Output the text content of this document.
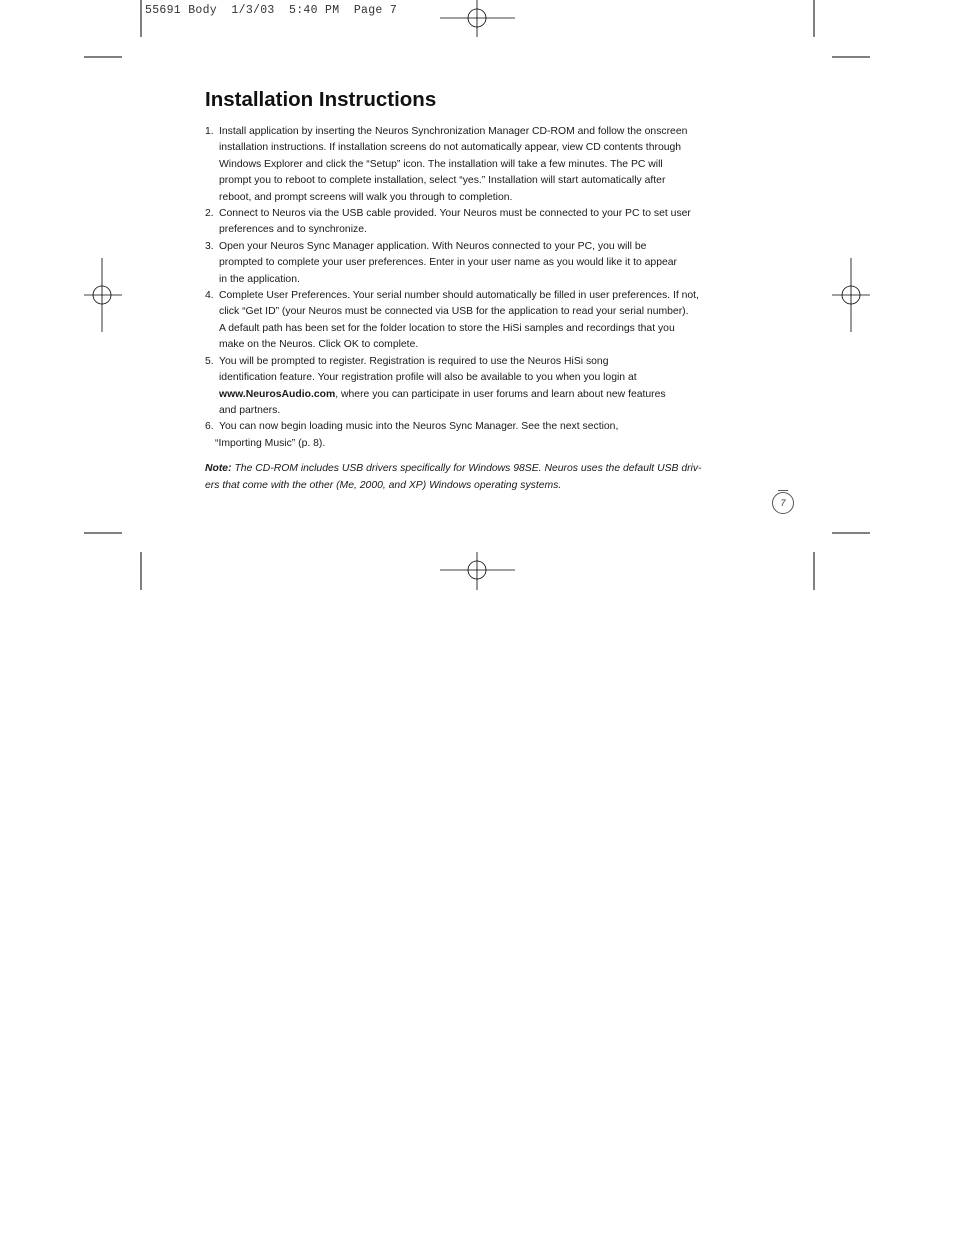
55691 Body  1/3/03  5:40 PM  Page 7
Installation Instructions
1. Install application by inserting the Neuros Synchronization Manager CD-ROM and follow the onscreen
installation instructions. If installation screens do not automatically appear, view CD contents through
Windows Explorer and click the “Setup” icon. The installation will take a few minutes. The PC will
prompt you to reboot to complete installation, select “yes.” Installation will start automatically after
reboot, and prompt screens will walk you through to completion.
2. Connect to Neuros via the USB cable provided. Your Neuros must be connected to your PC to set user
preferences and to synchronize.
3. Open your Neuros Sync Manager application. With Neuros connected to your PC, you will be
prompted to complete your user preferences. Enter in your user name as you would like it to appear
in the application.
4. Complete User Preferences. Your serial number should automatically be filled in user preferences. If not,
click “Get ID” (your Neuros must be connected via USB for the application to read your serial number).
A default path has been set for the folder location to store the HiSi samples and recordings that you
make on the Neuros. Click OK to complete.
5. You will be prompted to register. Registration is required to use the Neuros HiSi song
identification feature. Your registration profile will also be available to you when you login at
www.NeurosAudio.com, where you can participate in user forums and learn about new features
and partners.
6. You can now begin loading music into the Neuros Sync Manager. See the next section,
“Importing Music” (p. 8).

Note: The CD-ROM includes USB drivers specifically for Windows 98SE. Neuros uses the default USB driv-
ers that come with the other (Me, 2000, and XP) Windows operating systems.

7
